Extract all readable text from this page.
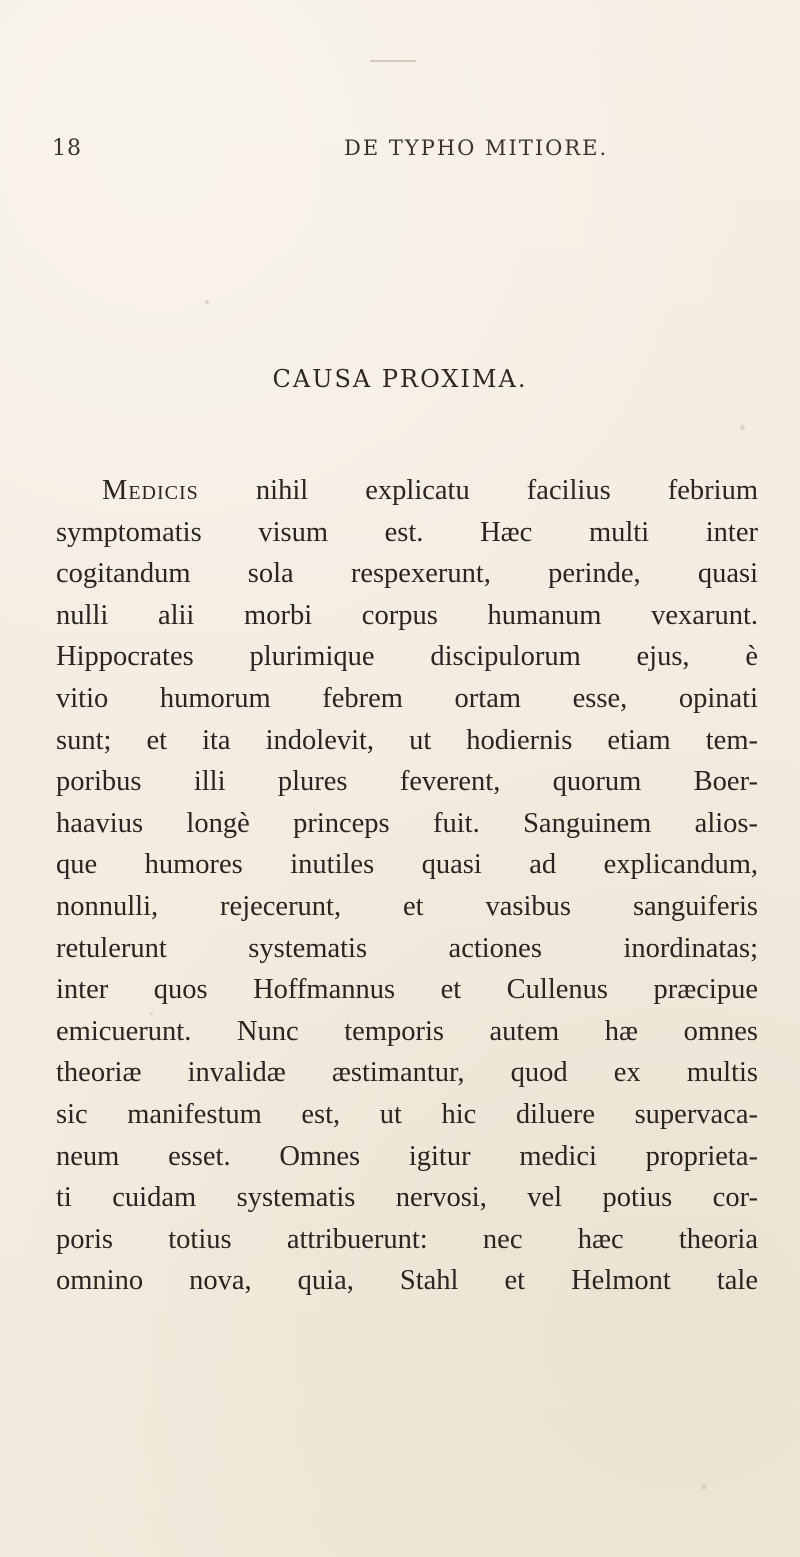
18	DE TYPHO MITIORE.
CAUSA PROXIMA.
Medicis nihil explicatu facilius febrium
symptomatis visum est. Hæc multi inter
cogitandum sola respexerunt, perinde, quasi
nulli alii morbi corpus humanum vexarunt.
Hippocrates plurimique discipulorum ejus, è
vitio humorum febrem ortam esse, opinati
sunt; et ita indolevit, ut hodiernis etiam tem-
poribus illi plures feverent, quorum Boer-
haavius longè princeps fuit. Sanguinem alios-
que humores inutiles quasi ad explicandum,
nonnulli, rejecerunt, et vasibus sanguiferis
retulerunt systematis actiones inordinatas;
inter quos Hoffmannus et Cullenus præcipue
emicuerunt. Nunc temporis autem hæ omnes
theoriæ invalidæ æstimantur, quod ex multis
sic manifestum est, ut hic diluere supervaca-
neum esset. Omnes igitur medici proprieta-
ti cuidam systematis nervosi, vel potius cor-
poris totius attribuerunt: nec hæc theoria
omnino nova, quia, Stahl et Helmont tale
